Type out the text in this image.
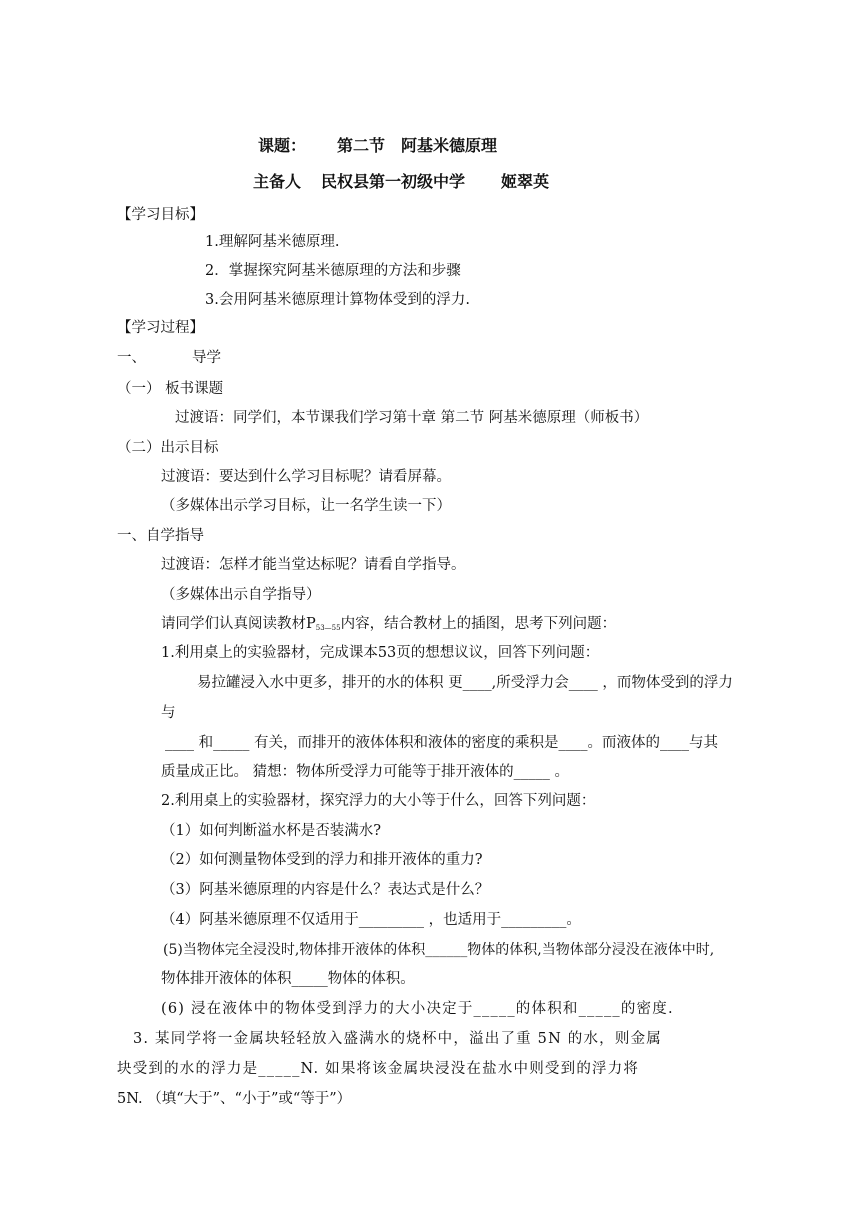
课题： 第二节　阿基米德原理
主备人 民权县第一初级中学 姬翠英
【学习目标】
1.理解阿基米德原理.
2．掌握探究阿基米德原理的方法和步骤
3.会用阿基米德原理计算物体受到的浮力.
【学习过程】
一、	导学
（一） 板书课题
过渡语：同学们，本节课我们学习第十章 第二节 阿基米德原理（师板书）
（二）出示目标
过渡语：要达到什么学习目标呢？请看屏幕。
（多媒体出示学习目标，让一名学生读一下）
一、自学指导
过渡语：怎样才能当堂达标呢？请看自学指导。
（多媒体出示自学指导）
请同学们认真阅读教材$P_{53—55}$内容，结合教材上的插图，思考下列问题：
1.利用桌上的实验器材，完成课本53页的想想议议，回答下列问题：
易拉罐浸入水中更多，排开的水的体积 更____,所受浮力会____ ，而物体受到的浮力
与
____ 和_____ 有关，而排开的液体体积和液体的密度的乘积是____。而液体的____与其
质量成正比。 猜想：物体所受浮力可能等于排开液体的_____ 。
2.利用桌上的实验器材，探究浮力的大小等于什么，回答下列问题：
（1）如何判断溢水杯是否装满水?
（2）如何测量物体受到的浮力和排开液体的重力?
（3）阿基米德原理的内容是什么？表达式是什么？
（4）阿基米德原理不仅适用于_________ ，也适用于_________。
(5)当物体完全浸没时,物体排开液体的体积______物体的体积,当物体部分浸没在液体中时,
物体排开液体的体积_____物体的体积。
(6) 浸在液体中的物体受到浮力的大小决定于_____的体积和_____的密度.
3. 某同学将一金属块轻轻放入盛满水的烧杯中，溢出了重 5N 的水，则金属
块受到的水的浮力是_____N. 如果将该金属块浸没在盐水中则受到的浮力将
5N. （填“大于”、“小于”或“等于”）
